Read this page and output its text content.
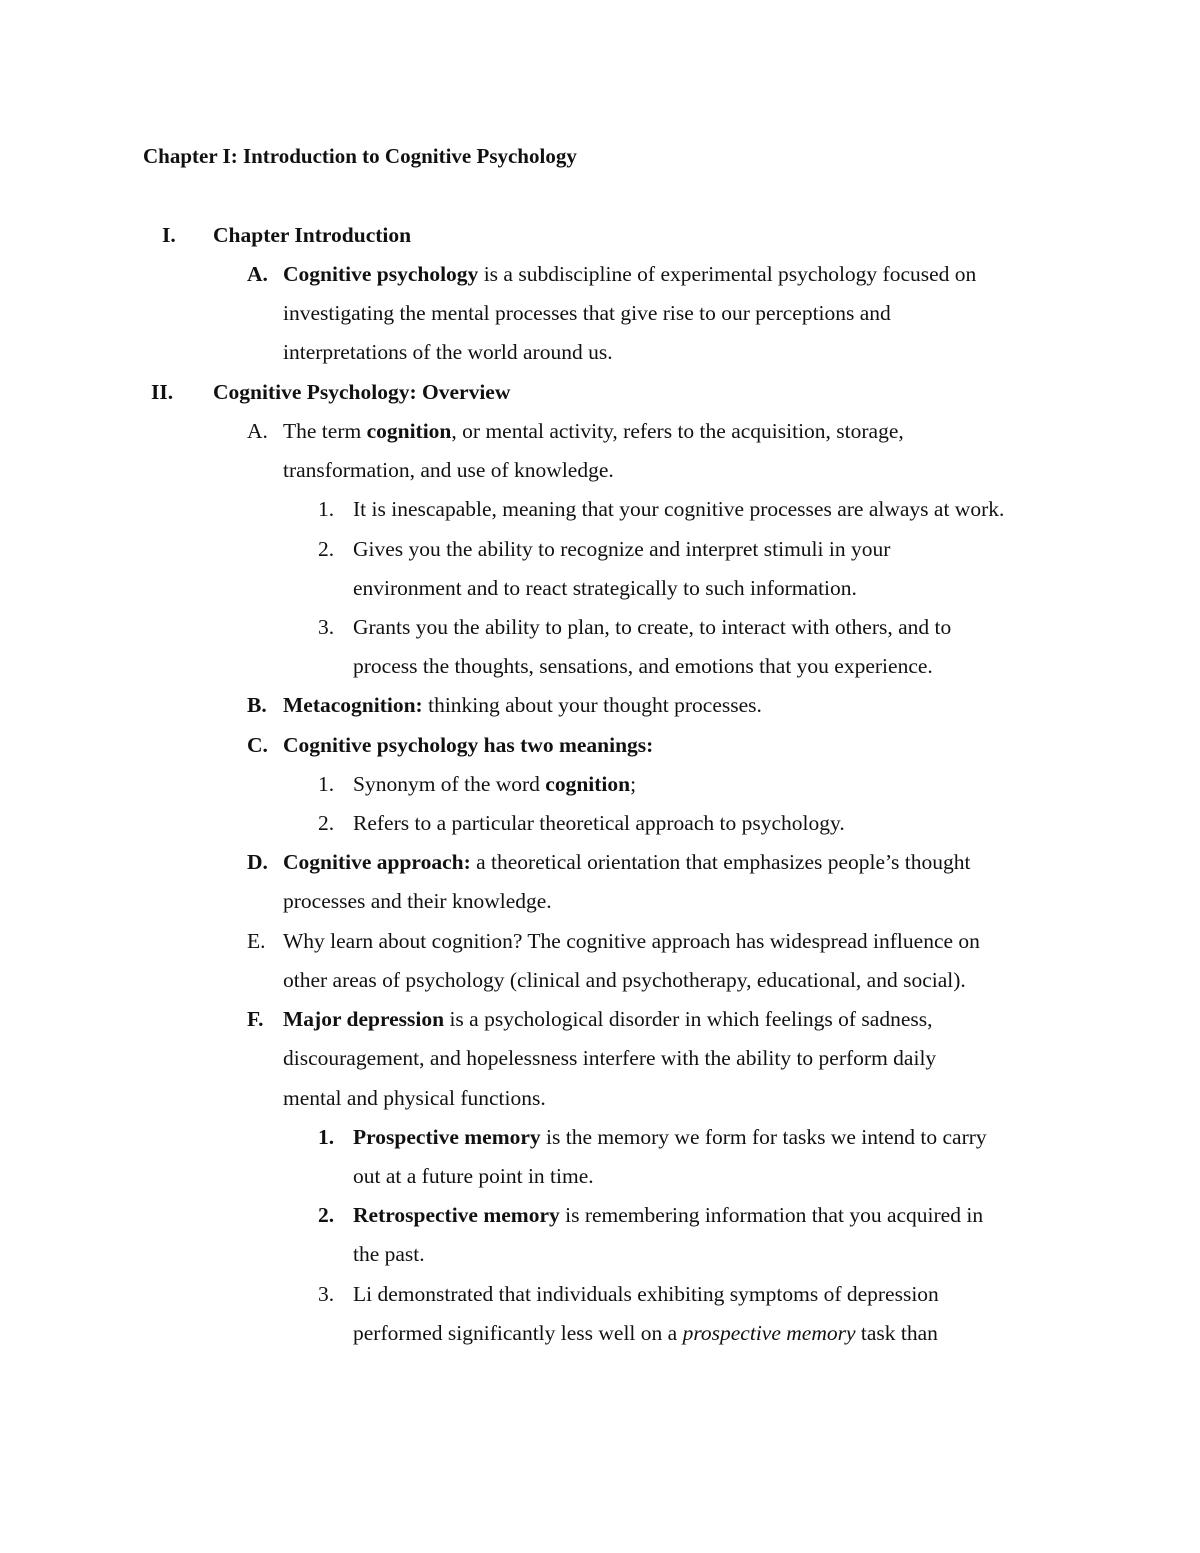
Chapter I: Introduction to Cognitive Psychology
I. Chapter Introduction
A. Cognitive psychology is a subdiscipline of experimental psychology focused on
investigating the mental processes that give rise to our perceptions and
interpretations of the world around us.
II. Cognitive Psychology: Overview
A. The term cognition, or mental activity, refers to the acquisition, storage,
transformation, and use of knowledge.
1. It is inescapable, meaning that your cognitive processes are always at work.
2. Gives you the ability to recognize and interpret stimuli in your
environment and to react strategically to such information.
3. Grants you the ability to plan, to create, to interact with others, and to
process the thoughts, sensations, and emotions that you experience.
B. Metacognition: thinking about your thought processes.
C. Cognitive psychology has two meanings:
1. Synonym of the word cognition;
2. Refers to a particular theoretical approach to psychology.
D. Cognitive approach: a theoretical orientation that emphasizes people’s thought
processes and their knowledge.
E. Why learn about cognition? The cognitive approach has widespread influence on
other areas of psychology (clinical and psychotherapy, educational, and social).
F. Major depression is a psychological disorder in which feelings of sadness,
discouragement, and hopelessness interfere with the ability to perform daily
mental and physical functions.
1. Prospective memory is the memory we form for tasks we intend to carry
out at a future point in time.
2. Retrospective memory is remembering information that you acquired in
the past.
3. Li demonstrated that individuals exhibiting symptoms of depression
performed significantly less well on a prospective memory task than
